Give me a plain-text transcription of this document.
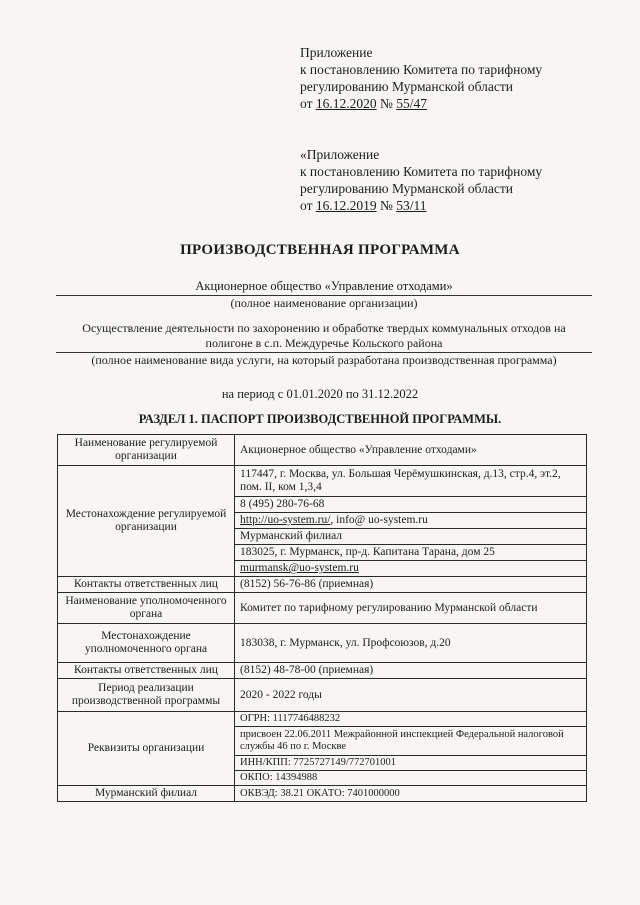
Приложение
к постановлению Комитета по тарифному
регулированию Мурманской области
от 16.12.2020 № 55/47
«Приложение
к постановлению Комитета по тарифному
регулированию Мурманской области
от 16.12.2019 № 53/11
ПРОИЗВОДСТВЕННАЯ ПРОГРАММА
Акционерное общество «Управление отходами»
(полное наименование организации)
Осуществление деятельности по захоронению и обработке твердых коммунальных отходов на
полигоне в с.п. Междуречье Кольского района
(полное наименование вида услуги, на который разработана производственная программа)
на период с 01.01.2020 по 31.12.2022
РАЗДЕЛ 1. ПАСПОРТ ПРОИЗВОДСТВЕННОЙ ПРОГРАММЫ.
Наименование регулируемой организации	Акционерное общество «Управление отходами»
Местонахождение регулируемой организации	117447, г. Москва, ул. Большая Черёмушкинская, д.13, стр.4, эт.2, пом. II, ком 1,3,4
	8 (495) 280-76-68
	http://uo-system.ru/, info@ uo-system.ru
	Мурманский филиал
	183025, г. Мурманск, пр-д. Капитана Тарана, дом 25
	murmansk@uo-system.ru
Контакты ответственных лиц	(8152) 56-76-86 (приемная)
Наименование уполномоченного органа	Комитет по тарифному регулированию Мурманской области
Местонахождение уполномоченного органа	183038, г. Мурманск, ул. Профсоюзов, д.20
Контакты ответственных лиц	(8152) 48-78-00 (приемная)
Период реализации производственной программы	2020 - 2022 годы
Реквизиты организации	ОГРН: 1117746488232
	присвоен 22.06.2011 Межрайонной инспекцией Федеральной налоговой службы 46 по г. Москве
	ИНН/КПП: 7725727149/772701001
	ОКПО: 14394988
Мурманский филиал	ОКВЭД: 38.21 ОКАТО: 7401000000
